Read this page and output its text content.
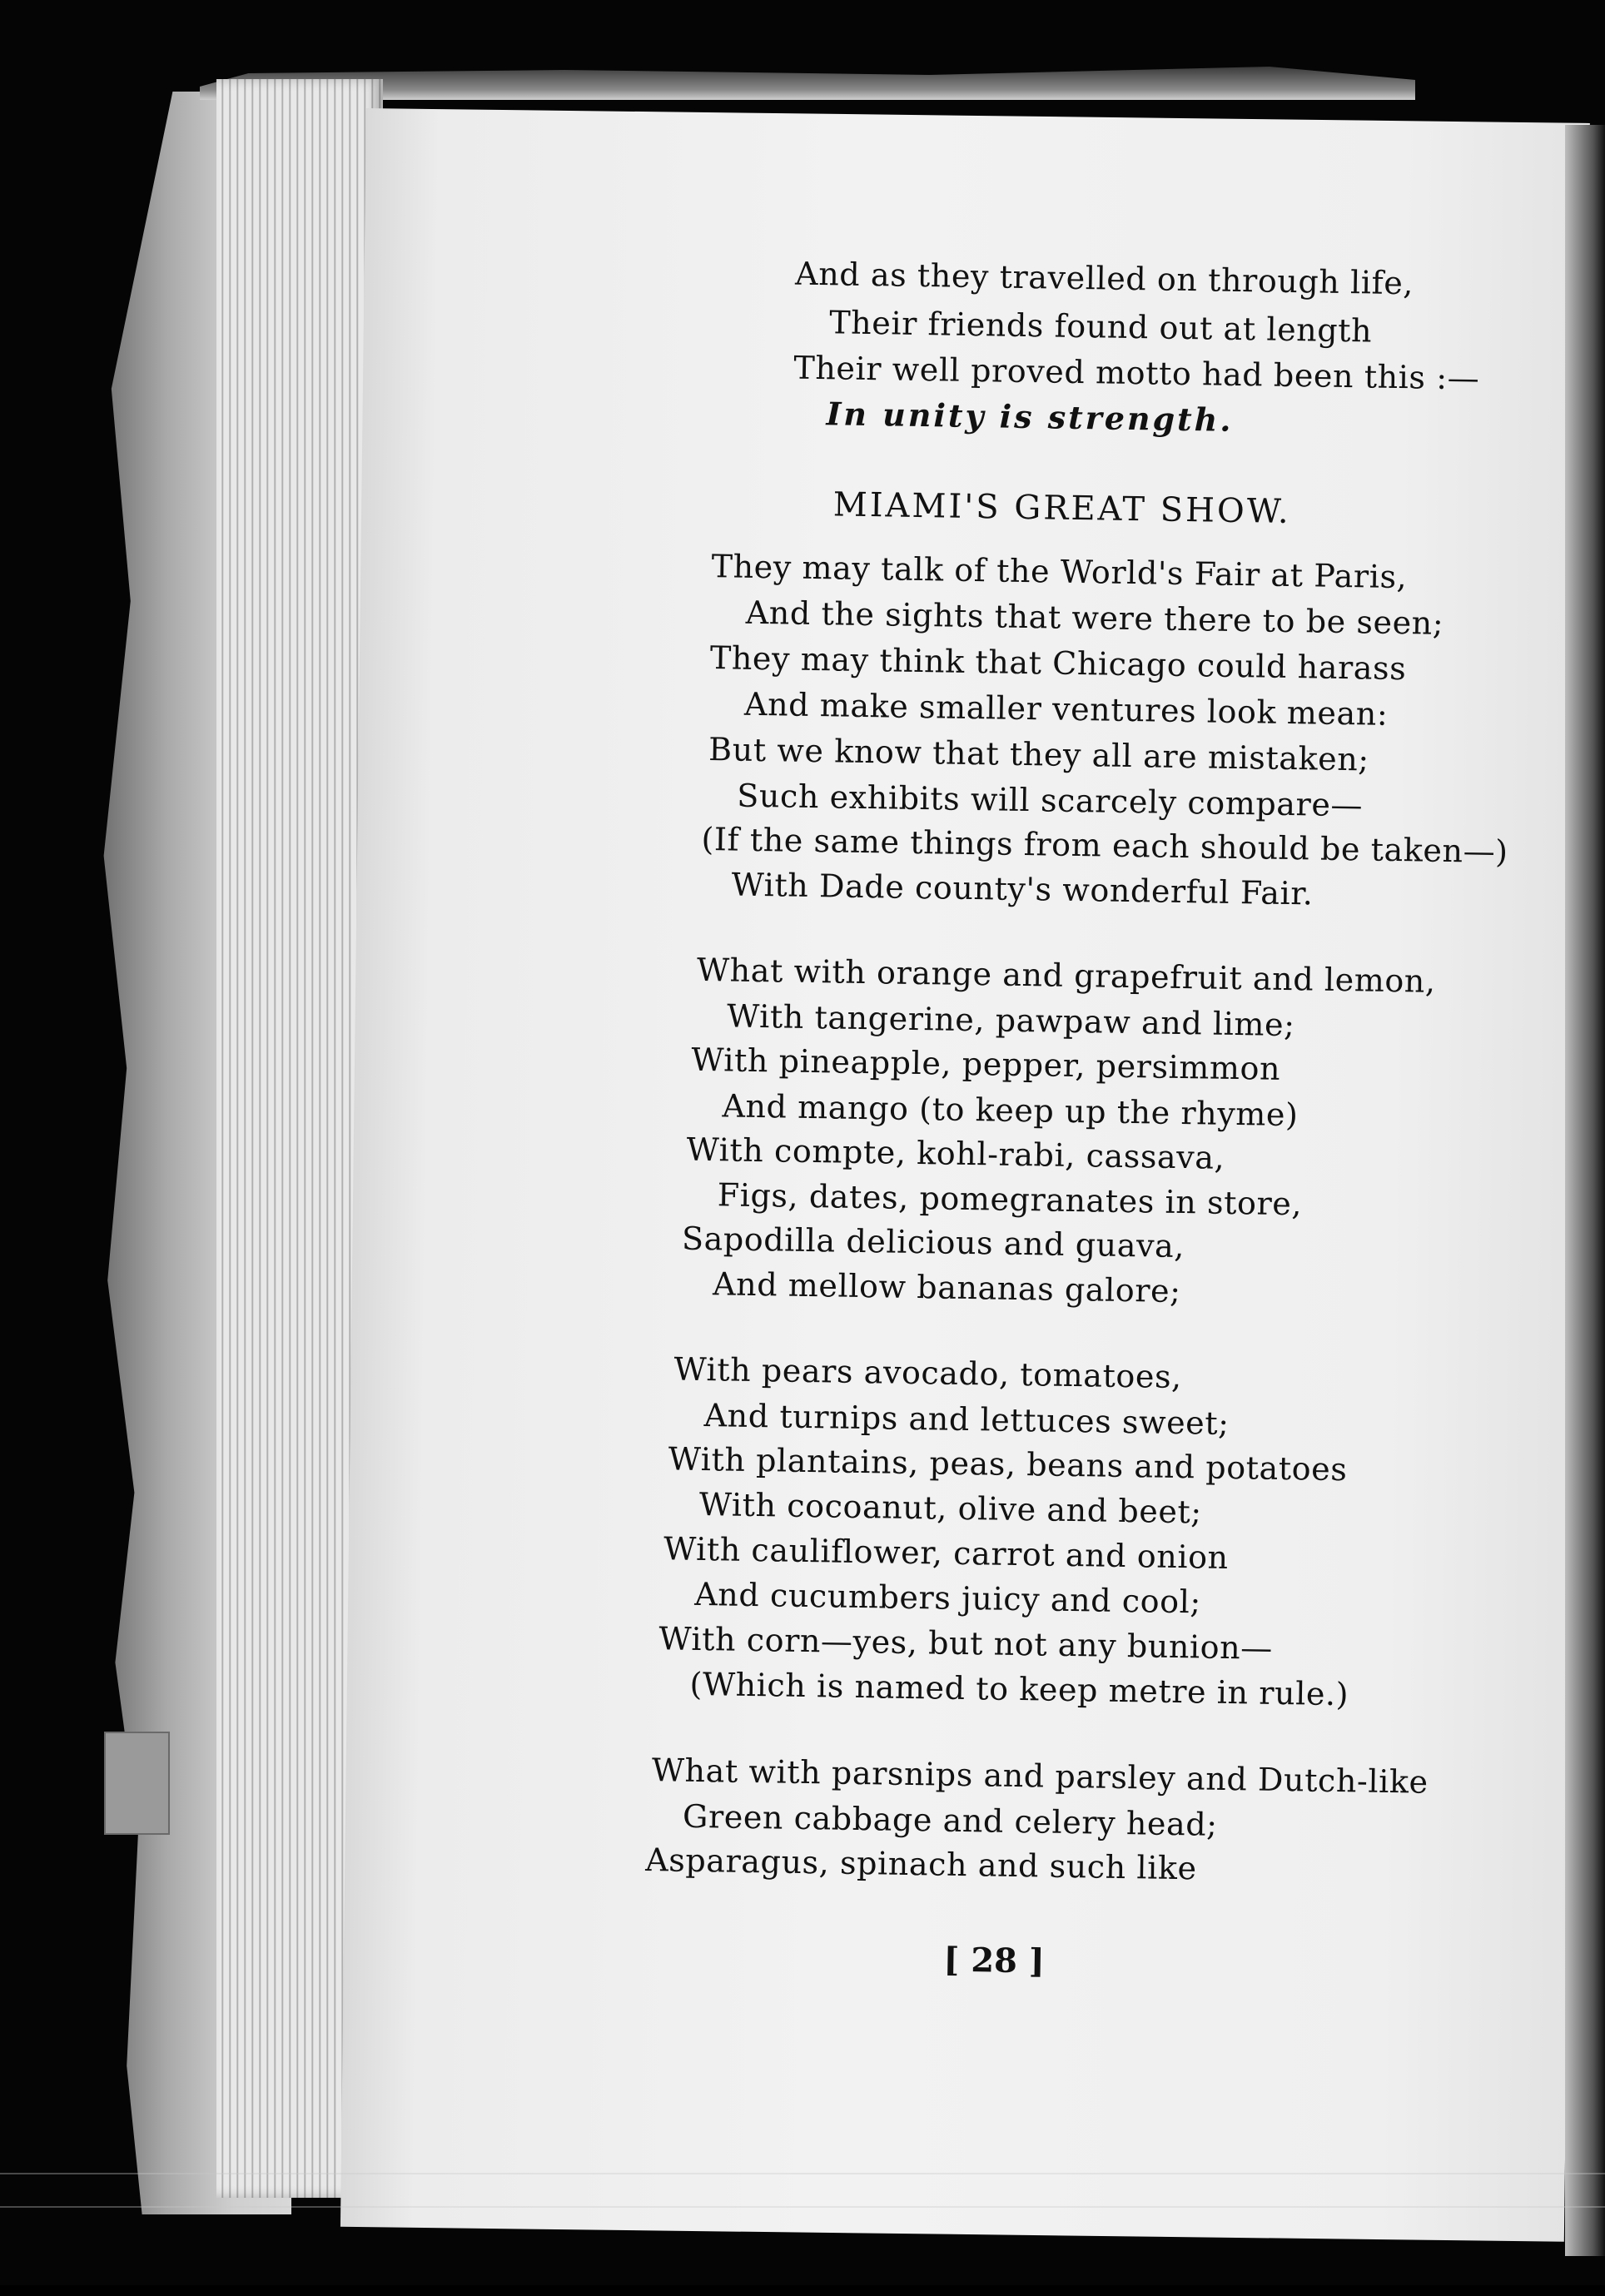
And as they travelled on through life,
Their friends found out at length
Their well proved motto had been this :—
In unity is strength.
MIAMI'S GREAT SHOW.
They may talk of the World's Fair at Paris,
And the sights that were there to be seen;
They may think that Chicago could harass
And make smaller ventures look mean:
But we know that they all are mistaken;
Such exhibits will scarcely compare—
(If the same things from each should be taken—)
With Dade county's wonderful Fair.
What with orange and grapefruit and lemon,
With tangerine, pawpaw and lime;
With pineapple, pepper, persimmon
And mango (to keep up the rhyme)
With compte, kohl-rabi, cassava,
Figs, dates, pomegranates in store,
Sapodilla delicious and guava,
And mellow bananas galore;
With pears avocado, tomatoes,
And turnips and lettuces sweet;
With plantains, peas, beans and potatoes
With cocoanut, olive and beet;
With cauliflower, carrot and onion
And cucumbers juicy and cool;
With corn—yes, but not any bunion—
(Which is named to keep metre in rule.)
What with parsnips and parsley and Dutch-like
Green cabbage and celery head;
Asparagus, spinach and such like
[ 28 ]
